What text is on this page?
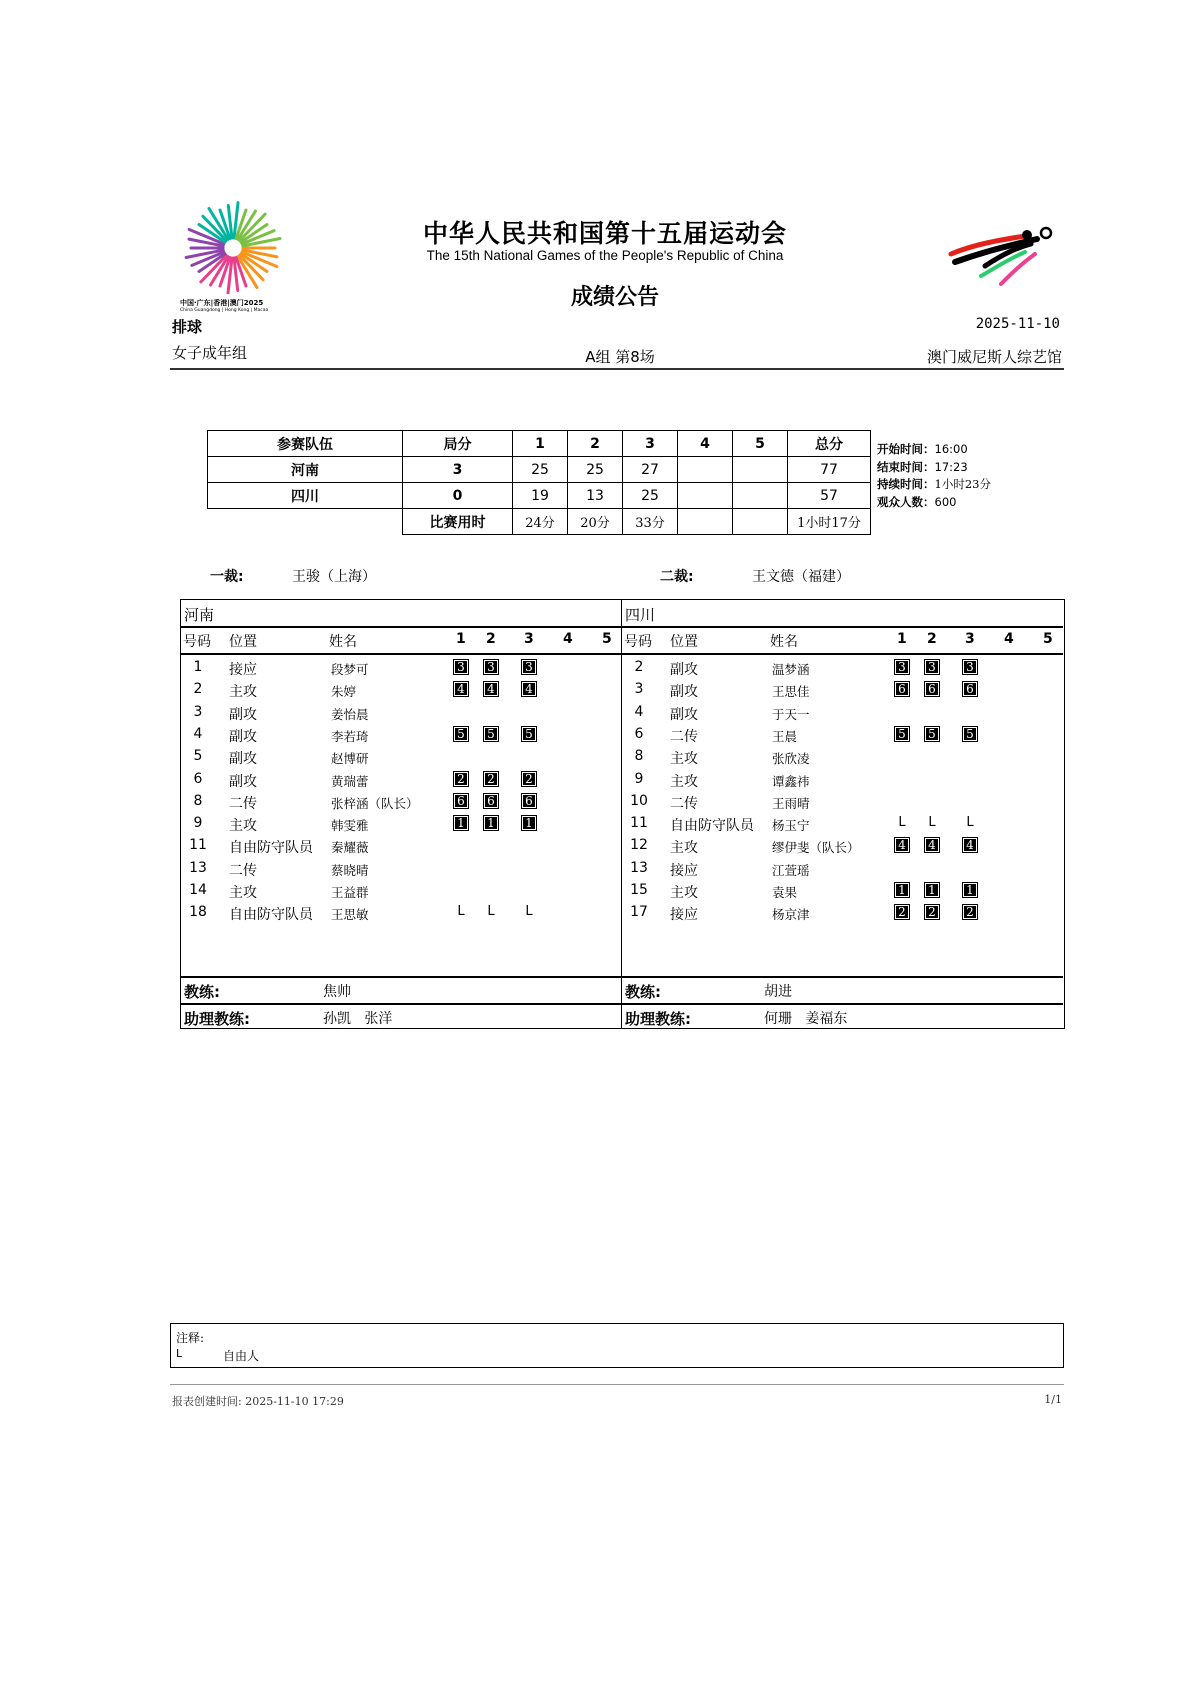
中国·广东|香港|澳门2025
China Guangdong | Hong Kong | Macao
中华人民共和国第十五届运动会
The 15th National Games of the People's Republic of China
成绩公告
排球
女子成年组	A组 第8场
2025-11-10
澳门威尼斯人综艺馆
参赛队伍	局分	1	2	3	4	5	总分
河南	3	25	25	27			77
四川	0	19	13	25			57
	比赛用时	24分	20分	33分			1小时17分
开始时间：16:00
结束时间：17:23
持续时间：1小时23分
观众人数：600
一裁:	王骏（上海）	二裁:	王文德（福建）
河南
号码 位置	姓名	1 2 3 4 5
1	接应	段梦可	3	3	3
2	主攻	朱婷	4	4	4
3	副攻	姜怡晨
4	副攻	李若琦	5	5	5
5	副攻	赵博研
6	副攻	黄瑞蕾	2	2	2
8	二传	张梓涵（队长）	6	6	6
9	主攻	韩雯雅	1	1	1
11 自由防守队员 秦耀薇
13 二传	蔡晓晴
14 主攻	王益群
18 自由防守队员 王思敏	L	L	L
教练:	焦帅
助理教练:	孙凯   张洋
四川
号码 位置	姓名	1 2 3 4 5
2	副攻	温梦涵	3	3	3
3	副攻	王思佳	6	6	6
4	副攻	于天一
6	二传	王晨	5	5	5
8	主攻	张欣凌
9	主攻	谭鑫祎
10 二传	王雨晴
11 自由防守队员 杨玉宁	L	L	L
12 主攻	缪伊斐（队长）	4	4	4
13 接应	江萱瑶
15 主攻	袁果	1	1	1
17 接应	杨京津	2	2	2
教练:	胡进
助理教练:	何珊   姜福东
注释:
L	自由人
报表创建时间: 2025-11-10 17:29	1/1
